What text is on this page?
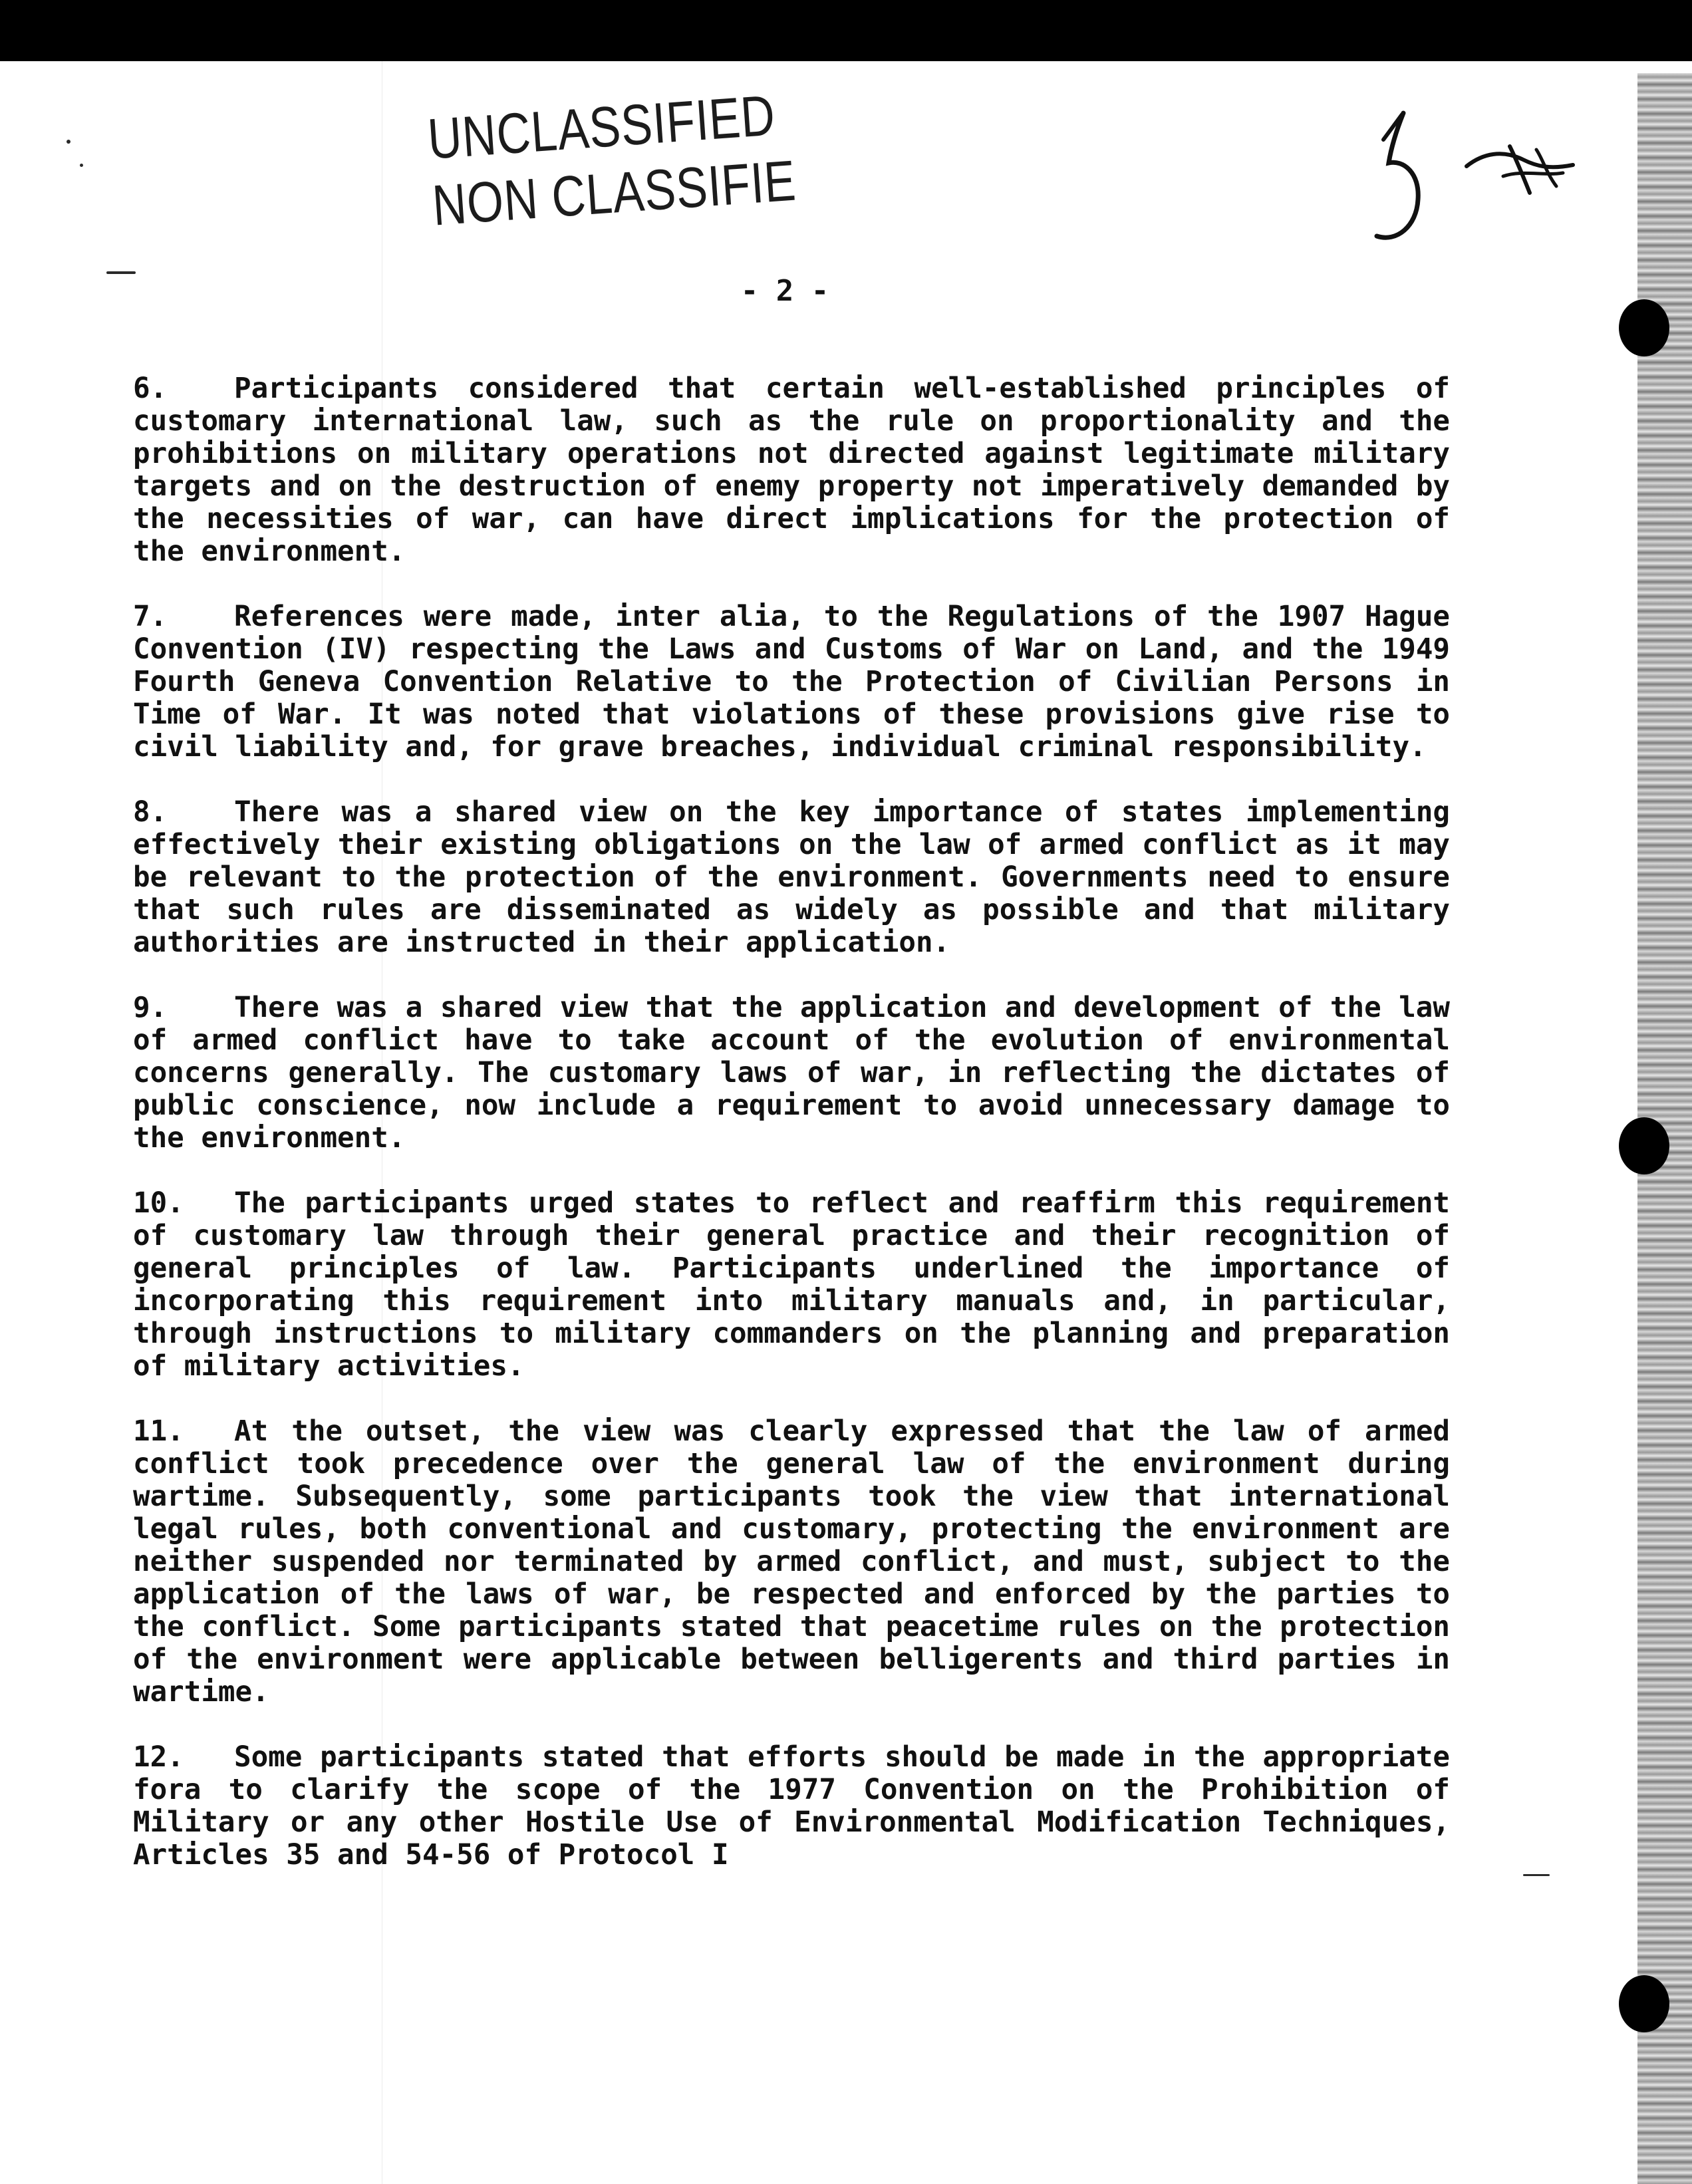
UNCLASSIFIED
NON CLASSIFIE
- 2 -

6. Participants considered that certain well-established principles of customary international law, such as the rule on proportionality and the prohibitions on military operations not directed against legitimate military targets and on the destruction of enemy property not imperatively demanded by the necessities of war, can have direct implications for the protection of the environment.

7. References were made, inter alia, to the Regulations of the 1907 Hague Convention (IV) respecting the Laws and Customs of War on Land, and the 1949 Fourth Geneva Convention Relative to the Protection of Civilian Persons in Time of War. It was noted that violations of these provisions give rise to civil liability and, for grave breaches, individual criminal responsibility.

8. There was a shared view on the key importance of states implementing effectively their existing obligations on the law of armed conflict as it may be relevant to the protection of the environment. Governments need to ensure that such rules are disseminated as widely as possible and that military authorities are instructed in their application.

9. There was a shared view that the application and development of the law of armed conflict have to take account of the evolution of environmental concerns generally. The customary laws of war, in reflecting the dictates of public conscience, now include a requirement to avoid unnecessary damage to the environment.

10. The participants urged states to reflect and reaffirm this requirement of customary law through their general practice and their recognition of general principles of law. Participants underlined the importance of incorporating this requirement into military manuals and, in particular, through instructions to military commanders on the planning and preparation of military activities.

11. At the outset, the view was clearly expressed that the law of armed conflict took precedence over the general law of the environment during wartime. Subsequently, some participants took the view that international legal rules, both conventional and customary, protecting the environment are neither suspended nor terminated by armed conflict, and must, subject to the application of the laws of war, be respected and enforced by the parties to the conflict. Some participants stated that peacetime rules on the protection of the environment were applicable between belligerents and third parties in wartime.

12. Some participants stated that efforts should be made in the appropriate fora to clarify the scope of the 1977 Convention on the Prohibition of Military or any other Hostile Use of Environmental Modification Techniques, Articles 35 and 54-56 of Protocol I
